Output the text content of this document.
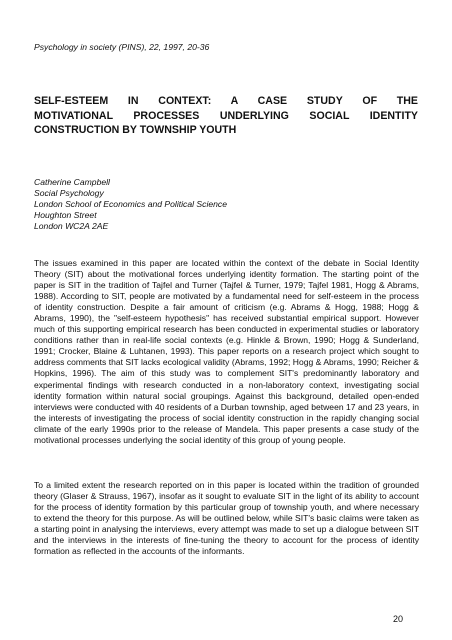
Psychology in society (PINS), 22, 1997, 20-36
SELF-ESTEEM IN CONTEXT: A CASE STUDY OF THE
MOTIVATIONAL PROCESSES UNDERLYING SOCIAL IDENTITY
CONSTRUCTION BY TOWNSHIP YOUTH
Catherine Campbell
Social Psychology
London School of Economics and Political Science
Houghton Street
London WC2A 2AE

The issues examined in this paper are located within the context of the debate in Social Identity Theory (SIT) about the motivational forces underlying identity formation. The starting point of the paper is SIT in the tradition of Tajfel and Turner (Tajfel & Turner, 1979; Tajfel 1981, Hogg & Abrams, 1988). According to SIT, people are motivated by a fundamental need for self-esteem in the process of identity construction. Despite a fair amount of criticism (e.g. Abrams & Hogg, 1988; Hogg & Abrams, 1990), the "self-esteem hypothesis" has received substantial empirical support. However much of this supporting empirical research has been conducted in experimental studies or laboratory conditions rather than in real-life social contexts (e.g. Hinkle & Brown, 1990; Hogg & Sunderland, 1991; Crocker, Blaine & Luhtanen, 1993). This paper reports on a research project which sought to address comments that SIT lacks ecological validity (Abrams, 1992; Hogg & Abrams, 1990; Reicher & Hopkins, 1996). The aim of this study was to complement SIT's predominantly laboratory and experimental findings with research conducted in a non-laboratory context, investigating social identity formation within natural social groupings. Against this background, detailed open-ended interviews were conducted with 40 residents of a Durban township, aged between 17 and 23 years, in the interests of investigating the process of social identity construction in the rapidly changing social climate of the early 1990s prior to the release of Mandela. This paper presents a case study of the motivational processes underlying the social identity of this group of young people.

To a limited extent the research reported on in this paper is located within the tradition of grounded theory (Glaser & Strauss, 1967), insofar as it sought to evaluate SIT in the light of its ability to account for the process of identity formation by this particular group of township youth, and where necessary to extend the theory for this purpose. As will be outlined below, while SIT's basic claims were taken as a starting point in analysing the interviews, every attempt was made to set up a dialogue between SIT and the interviews in the interests of fine-tuning the theory to account for the process of identity formation as reflected in the accounts of the informants.

20
